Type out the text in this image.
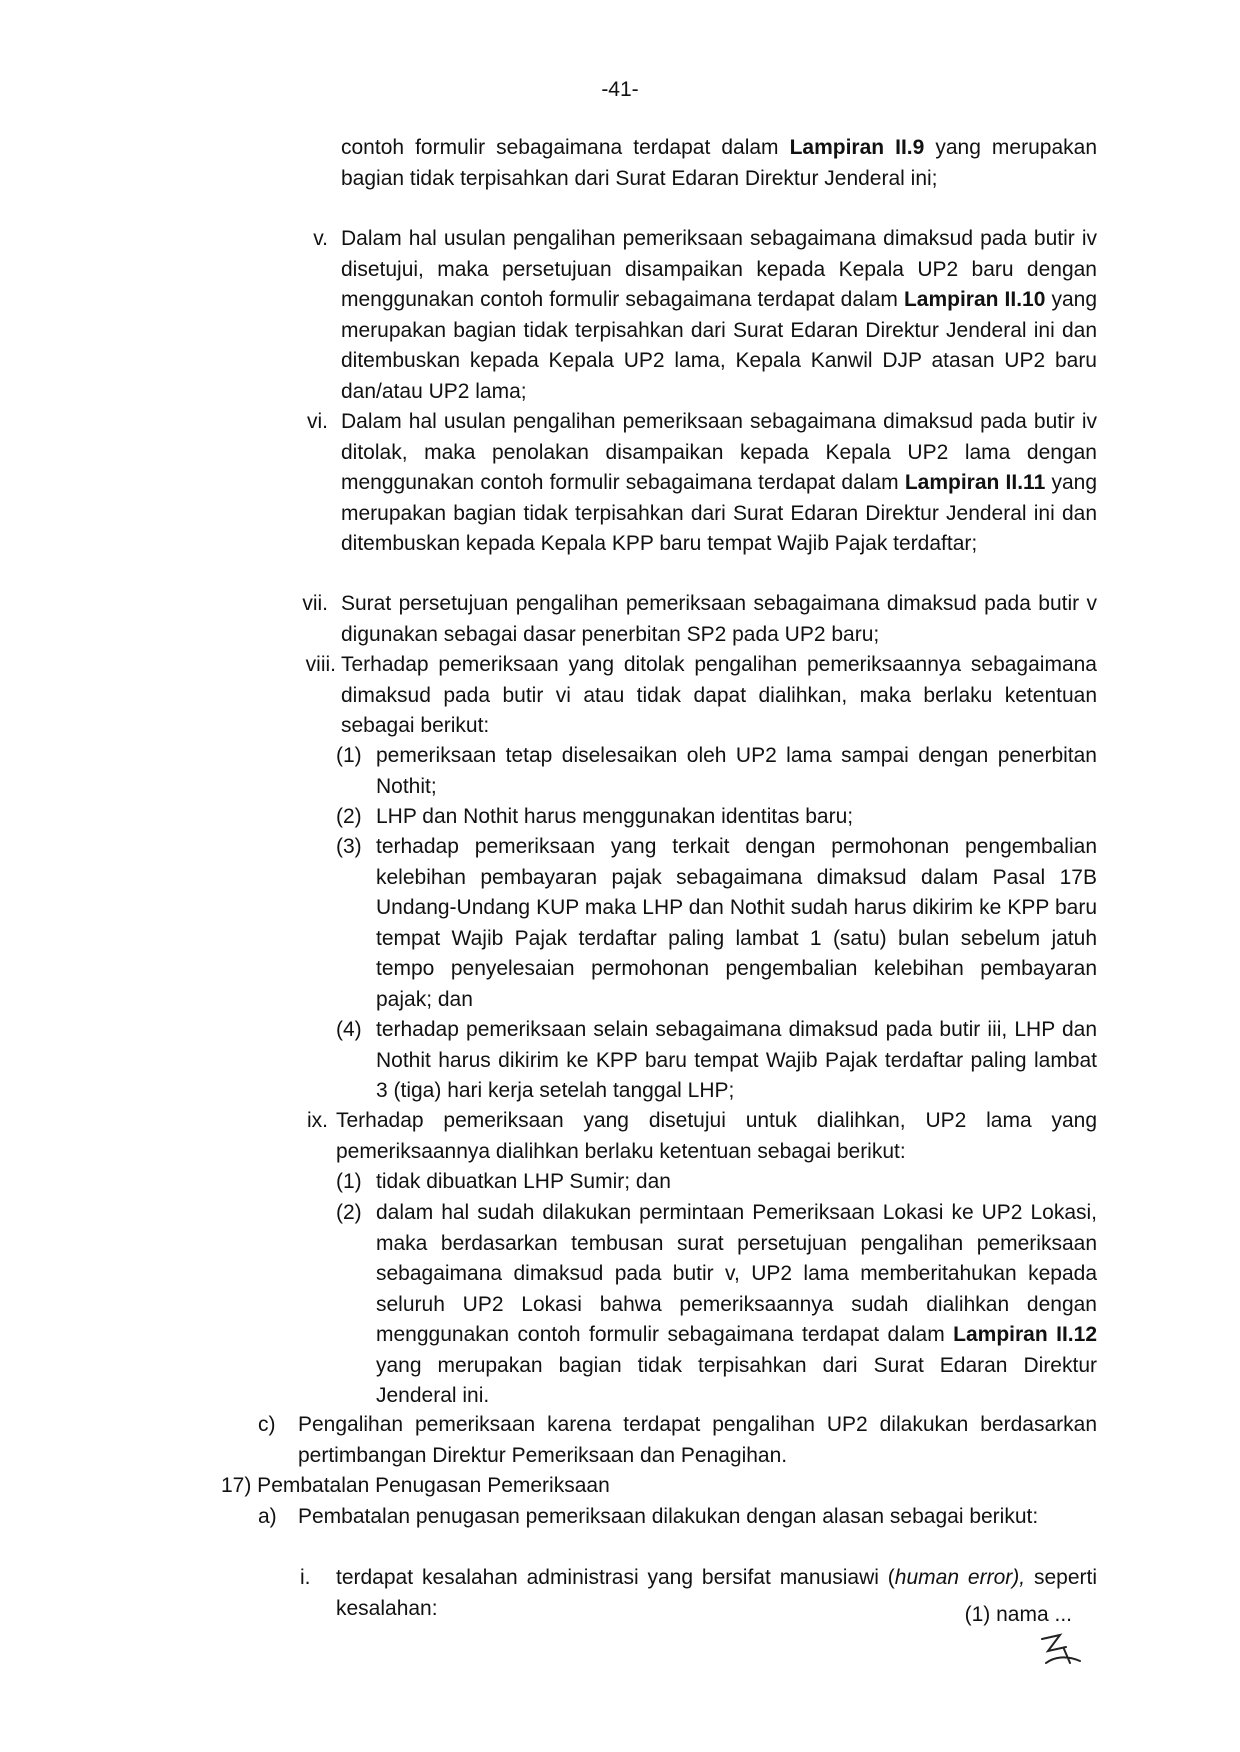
-41-
contoh formulir sebagaimana terdapat dalam Lampiran II.9 yang merupakan bagian tidak terpisahkan dari Surat Edaran Direktur Jenderal ini;
v. Dalam hal usulan pengalihan pemeriksaan sebagaimana dimaksud pada butir iv disetujui, maka persetujuan disampaikan kepada Kepala UP2 baru dengan menggunakan contoh formulir sebagaimana terdapat dalam Lampiran II.10 yang merupakan bagian tidak terpisahkan dari Surat Edaran Direktur Jenderal ini dan ditembuskan kepada Kepala UP2 lama, Kepala Kanwil DJP atasan UP2 baru dan/atau UP2 lama;
vi. Dalam hal usulan pengalihan pemeriksaan sebagaimana dimaksud pada butir iv ditolak, maka penolakan disampaikan kepada Kepala UP2 lama dengan menggunakan contoh formulir sebagaimana terdapat dalam Lampiran II.11 yang merupakan bagian tidak terpisahkan dari Surat Edaran Direktur Jenderal ini dan ditembuskan kepada Kepala KPP baru tempat Wajib Pajak terdaftar;
vii. Surat persetujuan pengalihan pemeriksaan sebagaimana dimaksud pada butir v digunakan sebagai dasar penerbitan SP2 pada UP2 baru;
viii. Terhadap pemeriksaan yang ditolak pengalihan pemeriksaannya sebagaimana dimaksud pada butir vi atau tidak dapat dialihkan, maka berlaku ketentuan sebagai berikut:
(1) pemeriksaan tetap diselesaikan oleh UP2 lama sampai dengan penerbitan Nothit;
(2) LHP dan Nothit harus menggunakan identitas baru;
(3) terhadap pemeriksaan yang terkait dengan permohonan pengembalian kelebihan pembayaran pajak sebagaimana dimaksud dalam Pasal 17B Undang-Undang KUP maka LHP dan Nothit sudah harus dikirim ke KPP baru tempat Wajib Pajak terdaftar paling lambat 1 (satu) bulan sebelum jatuh tempo penyelesaian permohonan pengembalian kelebihan pembayaran pajak; dan
(4) terhadap pemeriksaan selain sebagaimana dimaksud pada butir iii, LHP dan Nothit harus dikirim ke KPP baru tempat Wajib Pajak terdaftar paling lambat 3 (tiga) hari kerja setelah tanggal LHP;
ix. Terhadap pemeriksaan yang disetujui untuk dialihkan, UP2 lama yang pemeriksaannya dialihkan berlaku ketentuan sebagai berikut:
(1) tidak dibuatkan LHP Sumir; dan
(2) dalam hal sudah dilakukan permintaan Pemeriksaan Lokasi ke UP2 Lokasi, maka berdasarkan tembusan surat persetujuan pengalihan pemeriksaan sebagaimana dimaksud pada butir v, UP2 lama memberitahukan kepada seluruh UP2 Lokasi bahwa pemeriksaannya sudah dialihkan dengan menggunakan contoh formulir sebagaimana terdapat dalam Lampiran II.12 yang merupakan bagian tidak terpisahkan dari Surat Edaran Direktur Jenderal ini.
c) Pengalihan pemeriksaan karena terdapat pengalihan UP2 dilakukan berdasarkan pertimbangan Direktur Pemeriksaan dan Penagihan.
17) Pembatalan Penugasan Pemeriksaan
a) Pembatalan penugasan pemeriksaan dilakukan dengan alasan sebagai berikut:
i. terdapat kesalahan administrasi yang bersifat manusiawi (human error), seperti kesalahan:	(1) nama ...
